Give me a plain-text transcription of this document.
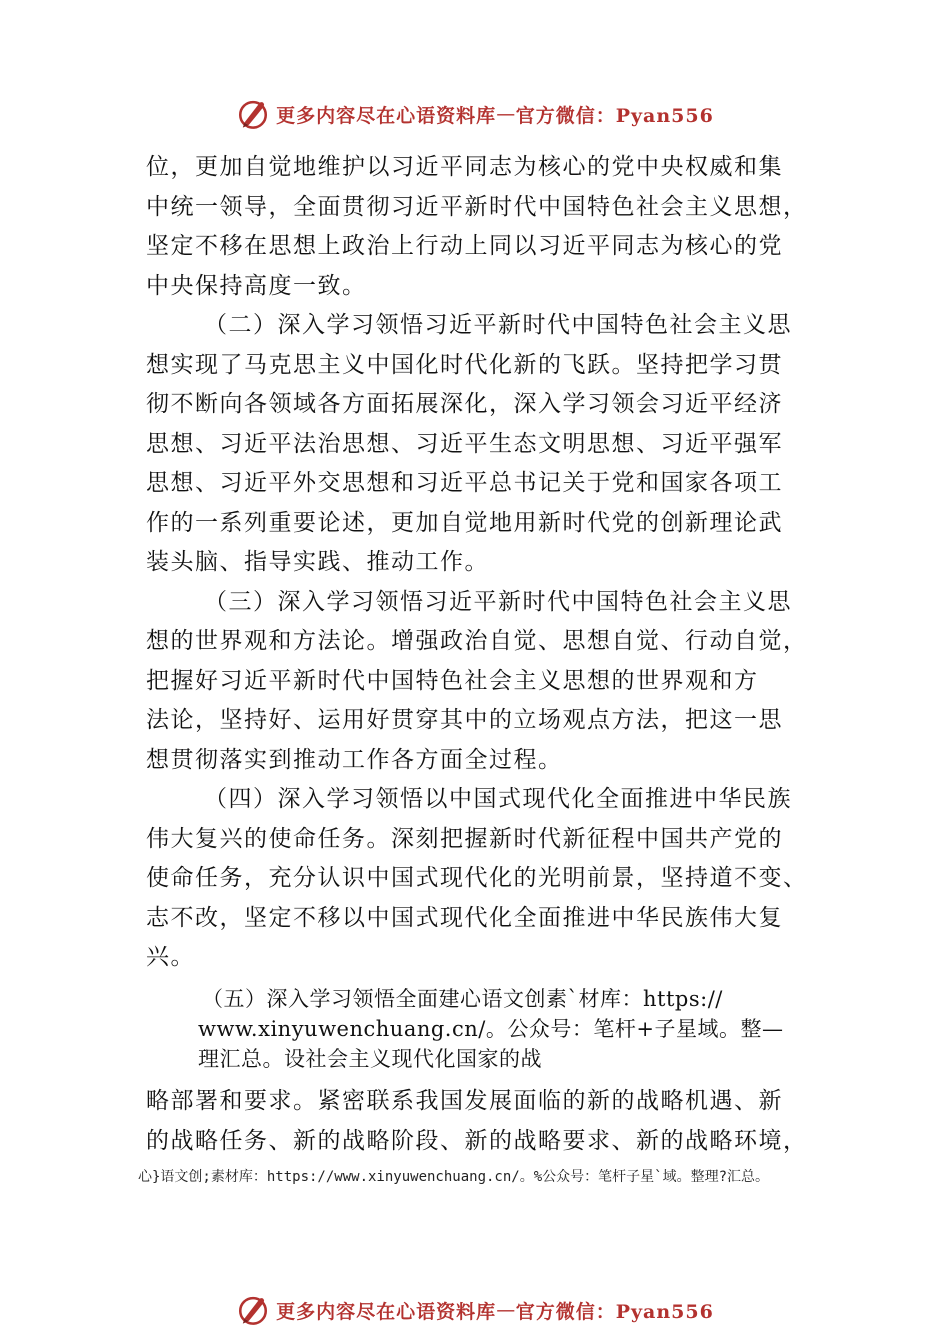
更多内容尽在心语资料库 — 官方微信：Pyan556
位，更加自觉地维护以习近平同志为核心的党中央权威和集
中统一领导，全面贯彻习近平新时代中国特色社会主义思想，
坚定不移在思想上政治上行动上同以习近平同志为核心的党
中央保持高度一致。
（二）深入学习领悟习近平新时代中国特色社会主义思
想实现了马克思主义中国化时代化新的飞跃。坚持把学习贯
彻不断向各领域各方面拓展深化，深入学习领会习近平经济
思想、习近平法治思想、习近平生态文明思想、习近平强军
思想、习近平外交思想和习近平总书记关于党和国家各项工
作的一系列重要论述，更加自觉地用新时代党的创新理论武
装头脑、指导实践、推动工作。
（三）深入学习领悟习近平新时代中国特色社会主义思
想的世界观和方法论。增强政治自觉、思想自觉、行动自觉，
把握好习近平新时代中国特色社会主义思想的世界观和方
法论，坚持好、运用好贯穿其中的立场观点方法，把这一思
想贯彻落实到推动工作各方面全过程。
（四）深入学习领悟以中国式现代化全面推进中华民族
伟大复兴的使命任务。深刻把握新时代新征程中国共产党的
使命任务，充分认识中国式现代化的光明前景，坚持道不变、
志不改，坚定不移以中国式现代化全面推进中华民族伟大复
兴。
（五）深入学习领悟全面建心语文创素`材库：https://
www.xinyuwenchuang.cn/。公众号：笔杆+子星域。整—
理汇总。设社会主义现代化国家的战
略部署和要求。紧密联系我国发展面临的新的战略机遇、新
的战略任务、新的战略阶段、新的战略要求、新的战略环境，
心}语文创;素材库：https://www.xinyuwenchuang.cn/。%公众号：笔杆子星`域。整理?汇总。
更多内容尽在心语资料库 — 官方微信：Pyan556
